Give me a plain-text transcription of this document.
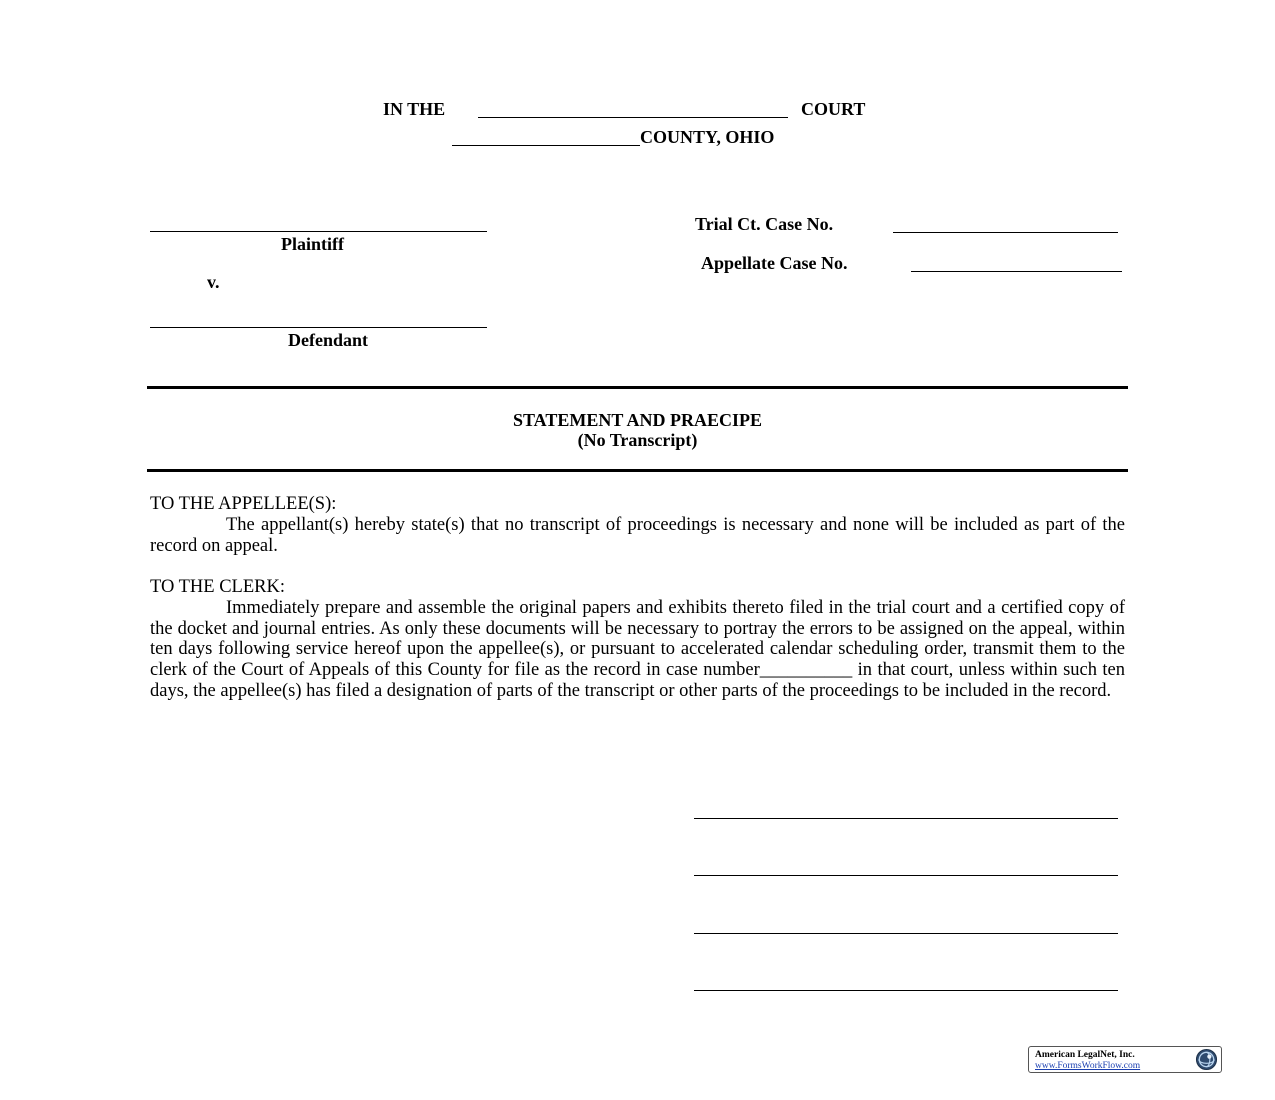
IN THE	COURT
COUNTY, OHIO
Plaintiff
v.
Defendant
Trial Ct. Case No.
Appellate Case No.
STATEMENT AND PRAECIPE
(No Transcript)

TO THE APPELLEE(S):

The appellant(s) hereby state(s) that no transcript of proceedings is necessary and none will be included as part of the record on appeal.

TO THE CLERK:

Immediately prepare and assemble the original papers and exhibits thereto filed in the trial court and a certified copy of the docket and journal entries. As only these documents will be necessary to portray the errors to be assigned on the appeal, within ten days following service hereof upon the appellee(s), or pursuant to accelerated calendar scheduling order, transmit them to the clerk of the Court of Appeals of this County for file as the record in case number__________ in that court, unless within such ten days, the appellee(s) has filed a designation of parts of the transcript or other parts of the proceedings to be included in the record.

American LegalNet, Inc.
www.FormsWorkFlow.com
